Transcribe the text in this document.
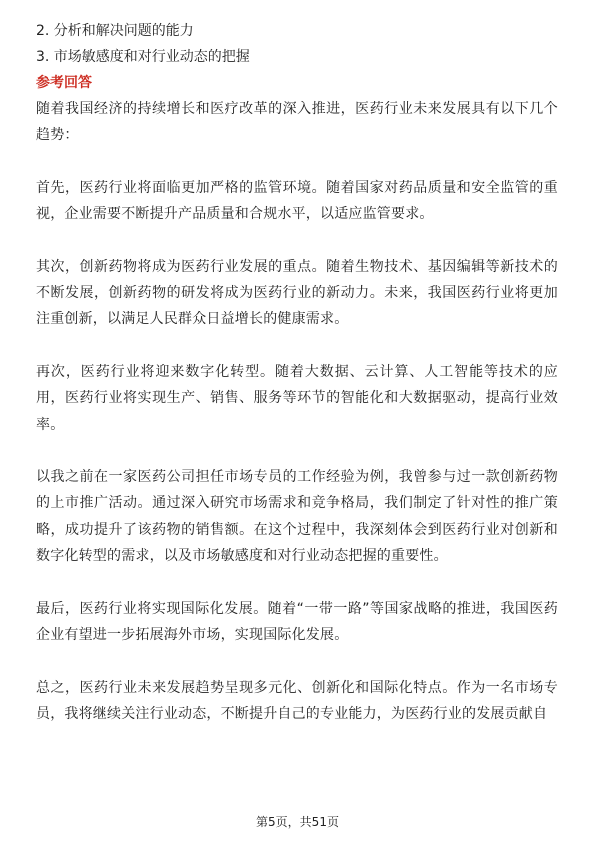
2. 分析和解决问题的能力

3. 市场敏感度和对行业动态的把握

参考回答

随着我国经济的持续增长和医疗改革的深入推进，医药行业未来发展具有以下几个趋势：

首先，医药行业将面临更加严格的监管环境。随着国家对药品质量和安全监管的重视，企业需要不断提升产品质量和合规水平，以适应监管要求。

其次，创新药物将成为医药行业发展的重点。随着生物技术、基因编辑等新技术的不断发展，创新药物的研发将成为医药行业的新动力。未来，我国医药行业将更加注重创新，以满足人民群众日益增长的健康需求。

再次，医药行业将迎来数字化转型。随着大数据、云计算、人工智能等技术的应用，医药行业将实现生产、销售、服务等环节的智能化和大数据驱动，提高行业效率。

以我之前在一家医药公司担任市场专员的工作经验为例，我曾参与过一款创新药物的上市推广活动。通过深入研究市场需求和竞争格局，我们制定了针对性的推广策略，成功提升了该药物的销售额。在这个过程中，我深刻体会到医药行业对创新和数字化转型的需求，以及市场敏感度和对行业动态把握的重要性。

最后，医药行业将实现国际化发展。随着“一带一路”等国家战略的推进，我国医药企业有望进一步拓展海外市场，实现国际化发展。

总之，医药行业未来发展趋势呈现多元化、创新化和国际化特点。作为一名市场专员，我将继续关注行业动态，不断提升自己的专业能力，为医药行业的发展贡献自

第5页，共51页
